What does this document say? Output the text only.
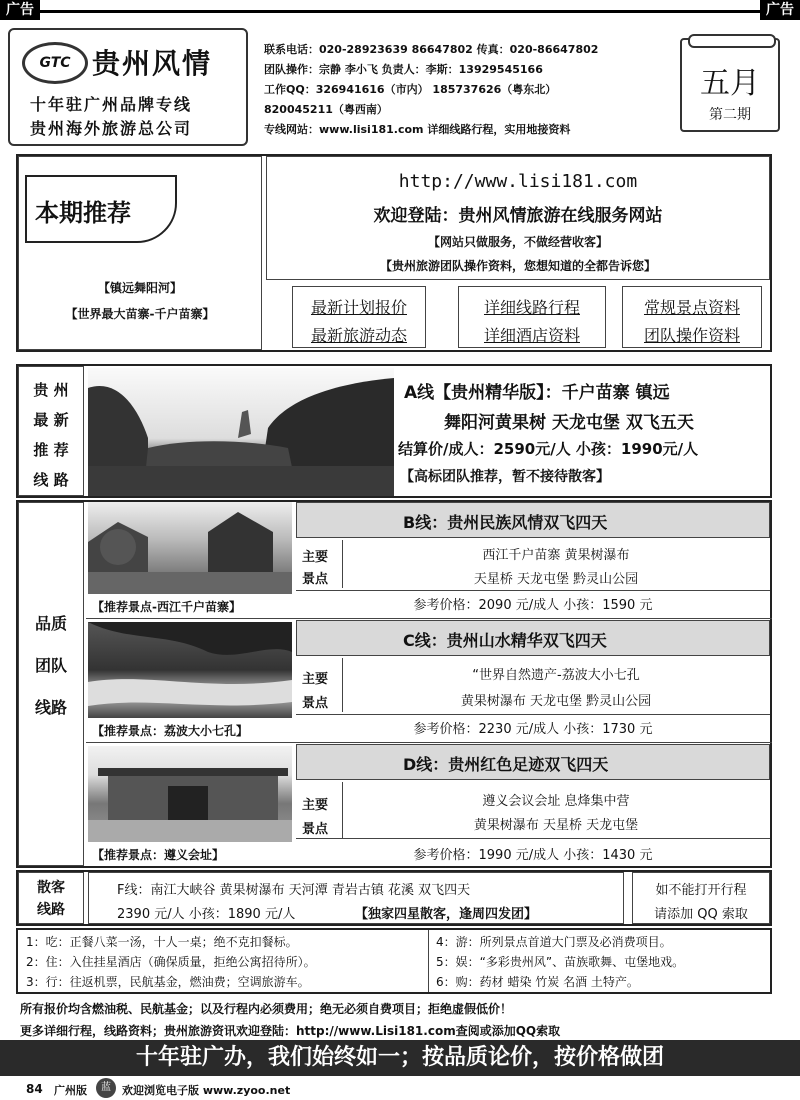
广告	广告
GTC 贵州风情
十年驻广州品牌专线
贵州海外旅游总公司
联系电话：020-28923639 86647802 传真：020-86647802
团队操作：宗静 李小飞 负责人：李斯：13929545166
工作QQ：326941616（市内） 185737626（粤东北）
820045211（粤西南）
专线网站：www.lisi181.com 详细线路行程，实用地接资料
五月
第二期
本期推荐
【镇远舞阳河】
【世界最大苗寨-千户苗寨】
http://www.lisi181.com
欢迎登陆：贵州风情旅游在线服务网站
【网站只做服务，不做经营收客】
【贵州旅游团队操作资料，您想知道的全都告诉您】
最新计划报价
最新旅游动态
详细线路行程
详细酒店资料
常规景点资料
团队操作资料
贵 州
最 新
推 荐
线 路
A线【贵州精华版】：千户苗寨 镇远
舞阳河黄果树 天龙屯堡 双飞五天
结算价/成人：2590元/人 小孩：1990元/人
【高标团队推荐，暂不接待散客】
品质
团队
线路
【推荐景点-西江千户苗寨】
B线：贵州民族风情双飞四天
主要
景点
西江千户苗寨 黄果树瀑布
天星桥 天龙屯堡 黔灵山公园
参考价格：2090 元/成人 小孩：1590 元
【推荐景点：荔波大小七孔】
C线：贵州山水精华双飞四天
主要
景点
“世界自然遗产-荔波大小七孔
黄果树瀑布 天龙屯堡 黔灵山公园
参考价格：2230 元/成人 小孩：1730 元
【推荐景点：遵义会址】
D线：贵州红色足迹双飞四天
主要
景点
遵义会议会址 息烽集中营
黄果树瀑布 天星桥 天龙屯堡
参考价格：1990 元/成人 小孩：1430 元
散客
线路
F线：南江大峡谷 黄果树瀑布 天河潭 青岩古镇 花溪 双飞四天
2390 元/人 小孩：1890 元/人	【独家四星散客，逢周四发团】
如不能打开行程
请添加 QQ 索取
1：吃：正餐八菜一汤，十人一桌；绝不克扣餐标。
2：住：入住挂星酒店（确保质量，拒绝公寓招待所）。
3：行：往返机票，民航基金，燃油费；空调旅游车。
4：游：所列景点首道大门票及必消费项目。
5：娱：“多彩贵州风”、苗族歌舞、屯堡地戏。
6：购：药材 蜡染 竹炭 名酒 土特产。
所有报价均含燃油税、民航基金；以及行程内必须费用；绝无必须自费项目；拒绝虚假低价！
更多详细行程，线路资料；贵州旅游资讯欢迎登陆：http://www.Lisi181.com查阅或添加QQ索取
十年驻广办，我们始终如一；按品质论价，按价格做团
84 广州版	蓝	欢迎浏览电子版 www.zyoo.net
